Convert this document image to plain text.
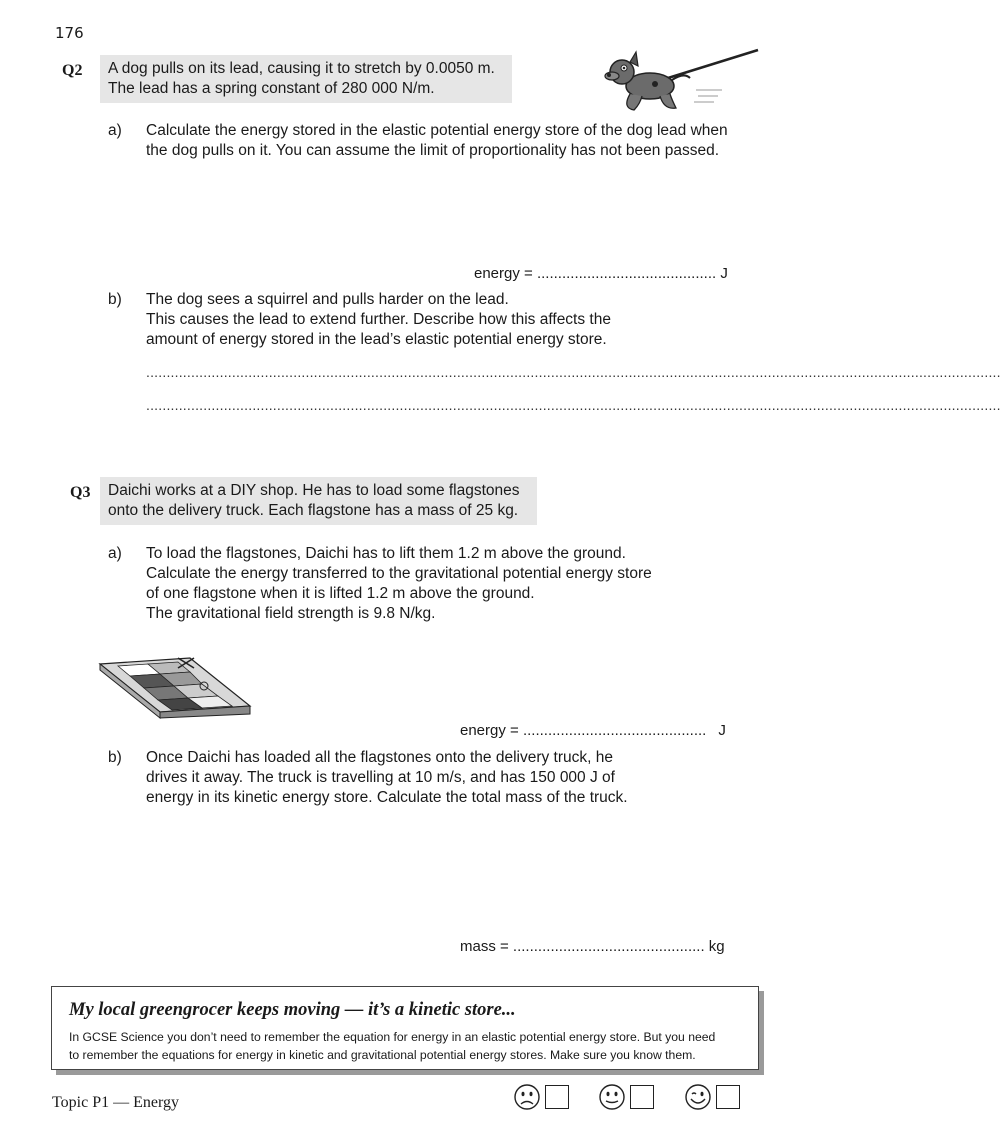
176
Q2 A dog pulls on its lead, causing it to stretch by 0.0050 m.
The lead has a spring constant of 280 000 N/m.
a) Calculate the energy stored in the elastic potential energy store of the dog lead when
the dog pulls on it. You can assume the limit of proportionality has not been passed.
energy = ........................................... J
b) The dog sees a squirrel and pulls harder on the lead.
This causes the lead to extend further. Describe how this affects the
amount of energy stored in the lead’s elastic potential energy store.
.................................................................................................................................................................................................................
.................................................................................................................................................................................................................
Q3 Daichi works at a DIY shop. He has to load some flagstones
onto the delivery truck. Each flagstone has a mass of 25 kg.
a) To load the flagstones, Daichi has to lift them 1.2 m above the ground.
Calculate the energy transferred to the gravitational potential energy store
of one flagstone when it is lifted 1.2 m above the ground.
The gravitational field strength is 9.8 N/kg.
energy = ............................................ J
b) Once Daichi has loaded all the flagstones onto the delivery truck, he
drives it away. The truck is travelling at 10 m/s, and has 150 000 J of
energy in its kinetic energy store. Calculate the total mass of the truck.
mass = .............................................. kg
My local greengrocer keeps moving — it’s a kinetic store...
In GCSE Science you don’t need to remember the equation for energy in an elastic potential energy store. But you need
to remember the equations for energy in kinetic and gravitational potential energy stores. Make sure you know them.
Topic P1 — Energy
